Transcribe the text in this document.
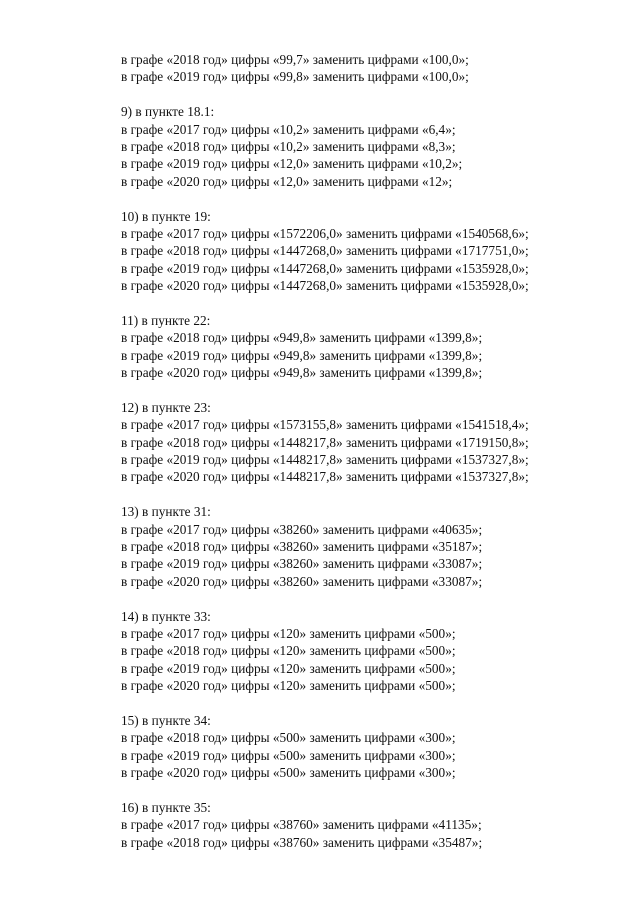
в графе «2018 год» цифры «99,7» заменить цифрами «100,0»;
в графе «2019 год» цифры «99,8» заменить цифрами «100,0»;
9) в пункте 18.1:
в графе «2017 год» цифры «10,2» заменить цифрами «6,4»;
в графе «2018 год» цифры «10,2» заменить цифрами «8,3»;
в графе «2019 год» цифры «12,0» заменить цифрами «10,2»;
в графе «2020 год» цифры «12,0» заменить цифрами «12»;
10) в пункте 19:
в графе «2017 год» цифры «1572206,0» заменить цифрами «1540568,6»;
в графе «2018 год» цифры «1447268,0» заменить цифрами «1717751,0»;
в графе «2019 год» цифры «1447268,0» заменить цифрами «1535928,0»;
в графе «2020 год» цифры «1447268,0» заменить цифрами «1535928,0»;
11) в пункте 22:
в графе «2018 год» цифры «949,8» заменить цифрами «1399,8»;
в графе «2019 год» цифры «949,8» заменить цифрами «1399,8»;
в графе «2020 год» цифры «949,8» заменить цифрами «1399,8»;
12) в пункте 23:
в графе «2017 год» цифры «1573155,8» заменить цифрами «1541518,4»;
в графе «2018 год» цифры «1448217,8» заменить цифрами «1719150,8»;
в графе «2019 год» цифры «1448217,8» заменить цифрами «1537327,8»;
в графе «2020 год» цифры «1448217,8» заменить цифрами «1537327,8»;
13) в пункте 31:
в графе «2017 год» цифры «38260» заменить цифрами «40635»;
в графе «2018 год» цифры «38260» заменить цифрами «35187»;
в графе «2019 год» цифры «38260» заменить цифрами «33087»;
в графе «2020 год» цифры «38260» заменить цифрами «33087»;
14) в пункте 33:
в графе «2017 год» цифры «120» заменить цифрами «500»;
в графе «2018 год» цифры «120» заменить цифрами «500»;
в графе «2019 год» цифры «120» заменить цифрами «500»;
в графе «2020 год» цифры «120» заменить цифрами «500»;
15) в пункте 34:
в графе «2018 год» цифры «500» заменить цифрами «300»;
в графе «2019 год» цифры «500» заменить цифрами «300»;
в графе «2020 год» цифры «500» заменить цифрами «300»;
16) в пункте 35:
в графе «2017 год» цифры «38760» заменить цифрами «41135»;
в графе «2018 год» цифры «38760» заменить цифрами «35487»;
